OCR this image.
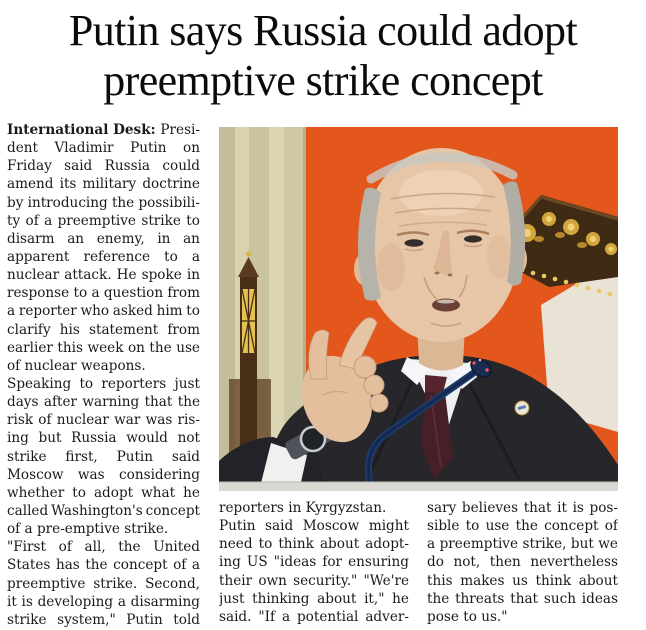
Putin says Russia could adopt
preemptive strike concept
International Desk: Presi-
dent Vladimir Putin on
Friday said Russia could
amend its military doctrine
by introducing the possibili-
ty of a preemptive strike to
disarm an enemy, in an
apparent reference to a
nuclear attack. He spoke in
response to a question from
a reporter who asked him to
clarify his statement from
earlier this week on the use
of nuclear weapons.
Speaking to reporters just
days after warning that the
risk of nuclear war was ris-
ing but Russia would not
strike first, Putin said
Moscow was considering
whether to adopt what he
called Washington's concept
of a pre-emptive strike.
"First of all, the United
States has the concept of a
preemptive strike. Second,
it is developing a disarming
strike system," Putin told
reporters in Kyrgyzstan.
Putin said Moscow might
need to think about adopt-
ing US "ideas for ensuring
their own security." "We're
just thinking about it," he
said. "If a potential adver-
sary believes that it is pos-
sible to use the concept of
a preemptive strike, but we
do not, then nevertheless
this makes us think about
the threats that such ideas
pose to us."
